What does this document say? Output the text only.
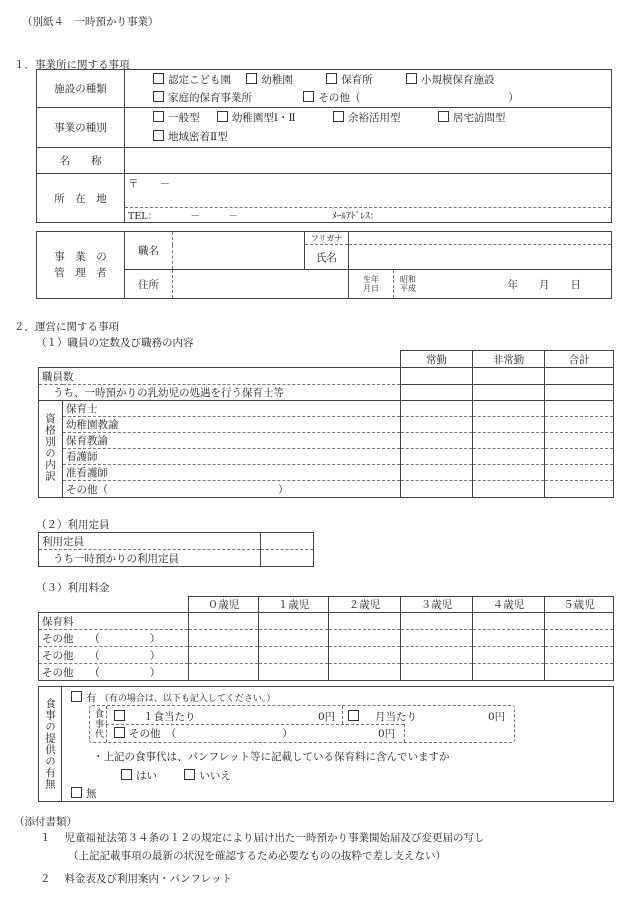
（別紙４　一時預かり事業）
１．事業所に関する事項
施設の種類	認定こども園 幼稚園 保育所 小規模保育施設
家庭的保育事業所 その他（ ）

事業の種別	一般型 幼稚園型Ⅰ・Ⅱ 余裕活用型 居宅訪問型
地域密着Ⅱ型

名　　称	
所　在　地	〒　　－
	TEL：　　　　－　　　－ ﾒｰﾙｱﾄﾞﾚｽ：
事　業　の
管　理　者	職名		フリガナ	
			氏名	
	住所			生年
月日
昭和
平成 年　　月　　日
２．運営に関する事項
（１）職員の定数及び職務の内容
		常勤	非常勤	合計
職員数				
うち、一時預かりの乳幼児の処遇を行う保育士等				
資格別の内訳	保育士			
	幼稚園教諭			
	保育教諭			
	看護師			
	准看護師			
	その他（ ）			
（２）利用定員
利用定員	
うち一時預かりの利用定員	
（３）利用料金
	０歳児	１歳児	２歳児	３歳児	４歳児	５歳児
保育料						
その他　　（ ）						
その他　　（ ）						
その他　　（ ）						
食事の提供の有無	有 （有の場合は、以下も記入してください。）
食事代	１食当たり	0円	月当たり	0円
その他　（	）	0円
・上記の食事代は、パンフレット等に記載している保育料に含んでいますか
はい	いいえ
無
（添付書類）
１ 児童福祉法第３４条の１２の規定により届け出た一時預かり事業開始届及び変更届の写し
（上記記載事項の最新の状況を確認するため必要なものの抜粋で差し支えない）
２ 料金表及び利用案内・パンフレット
